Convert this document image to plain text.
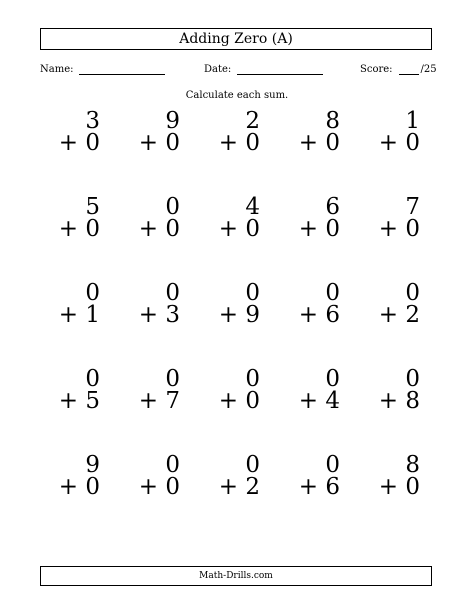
Adding Zero (A)
Name:	Date:	Score:	/25
Calculate each sum.
3
+ 0
9
+ 0
2
+ 0
8
+ 0
1
+ 0
5
+ 0
0
+ 0
4
+ 0
6
+ 0
7
+ 0
0
+ 1
0
+ 3
0
+ 9
0
+ 6
0
+ 2
0
+ 5
0
+ 7
0
+ 0
0
+ 4
0
+ 8
9
+ 0
0
+ 0
0
+ 2
0
+ 6
8
+ 0
Math-Drills.com
